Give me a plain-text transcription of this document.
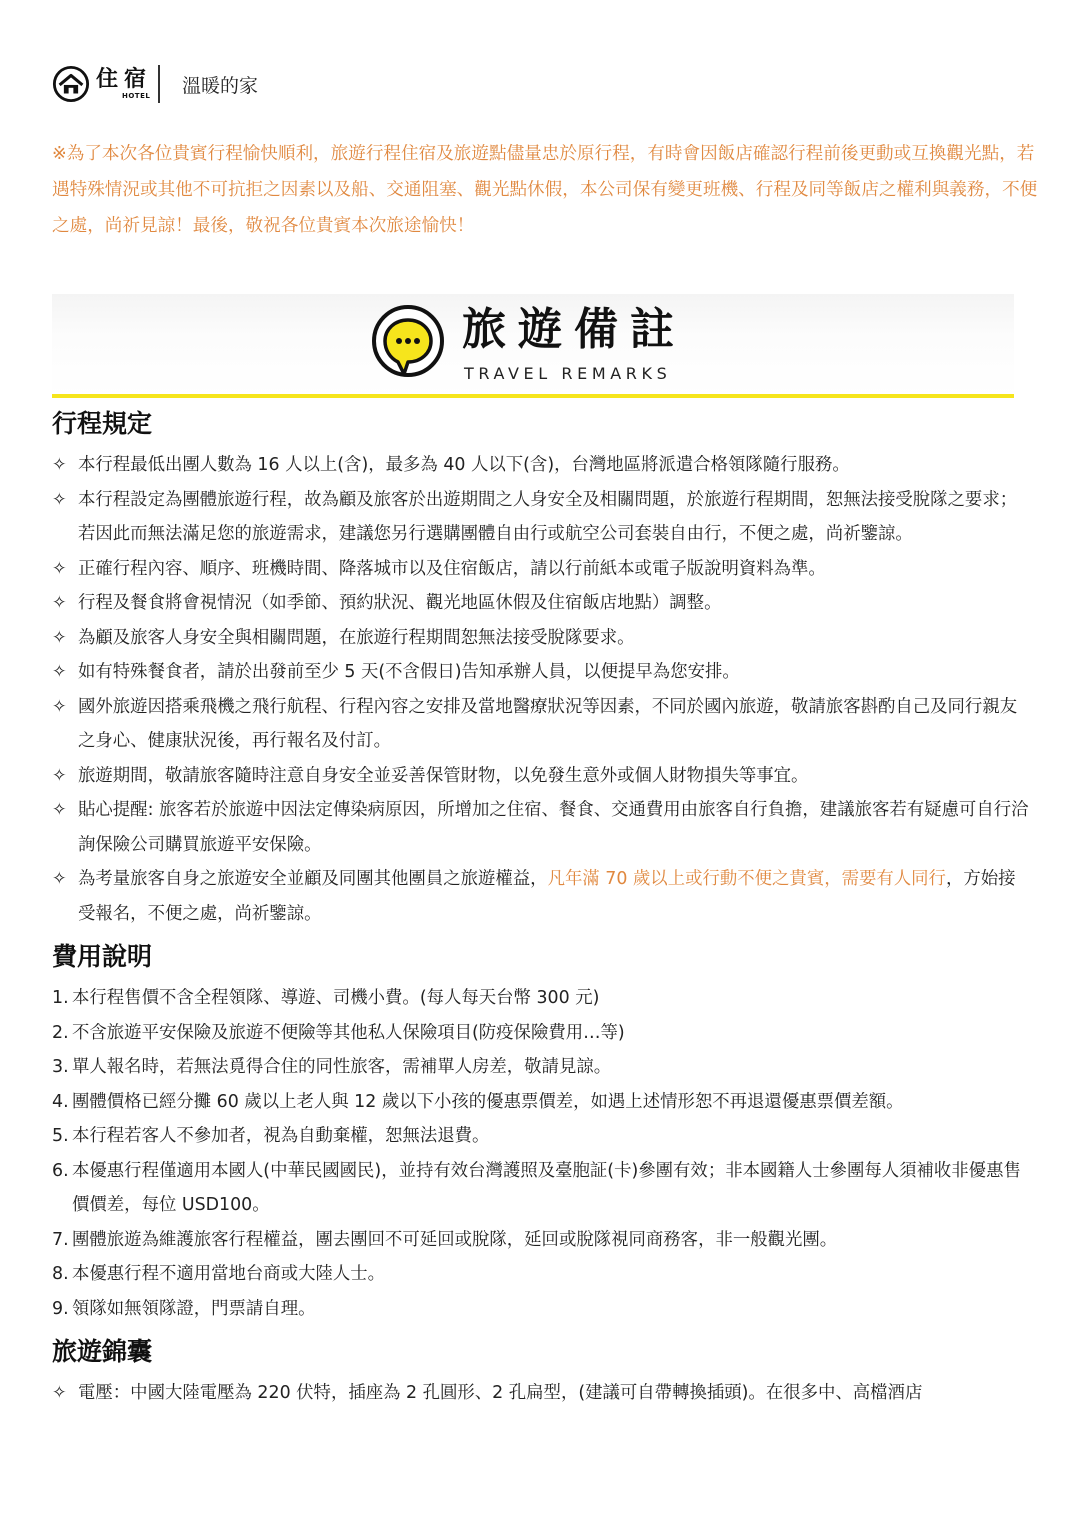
住宿
HOTEL 溫暖的家
※為了本次各位貴賓行程愉快順利，旅遊行程住宿及旅遊點儘量忠於原行程，有時會因飯店確認行程前後更動或互換觀光點，若遇特殊情況或其他不可抗拒之因素以及船、交通阻塞、觀光點休假，本公司保有變更班機、行程及同等飯店之權利與義務，不便之處，尚祈見諒！最後，敬祝各位貴賓本次旅途愉快！
旅遊備註
TRAVEL REMARKS
行程規定
✧ 本行程最低出團人數為 16 人以上(含)，最多為 40 人以下(含)，台灣地區將派遣合格領隊隨行服務。
✧ 本行程設定為團體旅遊行程，故為顧及旅客於出遊期間之人身安全及相關問題，於旅遊行程期間，恕無法接受脫隊之要求；若因此而無法滿足您的旅遊需求，建議您另行選購團體自由行或航空公司套裝自由行，不便之處，尚祈鑒諒。
✧ 正確行程內容、順序、班機時間、降落城市以及住宿飯店，請以行前紙本或電子版說明資料為準。
✧ 行程及餐食將會視情況（如季節、預約狀況、觀光地區休假及住宿飯店地點）調整。
✧ 為顧及旅客人身安全與相關問題，在旅遊行程期間恕無法接受脫隊要求。
✧ 如有特殊餐食者，請於出發前至少 5 天(不含假日)告知承辦人員，以便提早為您安排。
✧ 國外旅遊因搭乘飛機之飛行航程、行程內容之安排及當地醫療狀況等因素，不同於國內旅遊，敬請旅客斟酌自己及同行親友之身心、健康狀況後，再行報名及付訂。
✧ 旅遊期間，敬請旅客隨時注意自身安全並妥善保管財物，以免發生意外或個人財物損失等事宜。
✧ 貼心提醒: 旅客若於旅遊中因法定傳染病原因，所增加之住宿、餐食、交通費用由旅客自行負擔，建議旅客若有疑慮可自行洽詢保險公司購買旅遊平安保險。
✧ 為考量旅客自身之旅遊安全並顧及同團其他團員之旅遊權益，凡年滿 70 歲以上或行動不便之貴賓，需要有人同行，方始接受報名，不便之處，尚祈鑒諒。
費用說明
1. 本行程售價不含全程領隊、導遊、司機小費。(每人每天台幣 300 元)
2. 不含旅遊平安保險及旅遊不便險等其他私人保險項目(防疫保險費用…等)
3. 單人報名時，若無法覓得合住的同性旅客，需補單人房差，敬請見諒。
4. 團體價格已經分攤 60 歲以上老人與 12 歲以下小孩的優惠票價差，如遇上述情形恕不再退還優惠票價差額。
5. 本行程若客人不參加者，視為自動棄權，恕無法退費。
6. 本優惠行程僅適用本國人(中華民國國民)，並持有效台灣護照及臺胞証(卡)參團有效；非本國籍人士參團每人須補收非優惠售價價差，每位 USD100。
7. 團體旅遊為維護旅客行程權益，團去團回不可延回或脫隊，延回或脫隊視同商務客，非一般觀光團。
8. 本優惠行程不適用當地台商或大陸人士。
9. 領隊如無領隊證，門票請自理。
旅遊錦囊
✧ 電壓：中國大陸電壓為 220 伏特，插座為 2 孔圓形、2 孔扁型，(建議可自帶轉換插頭)。在很多中、高檔酒店
